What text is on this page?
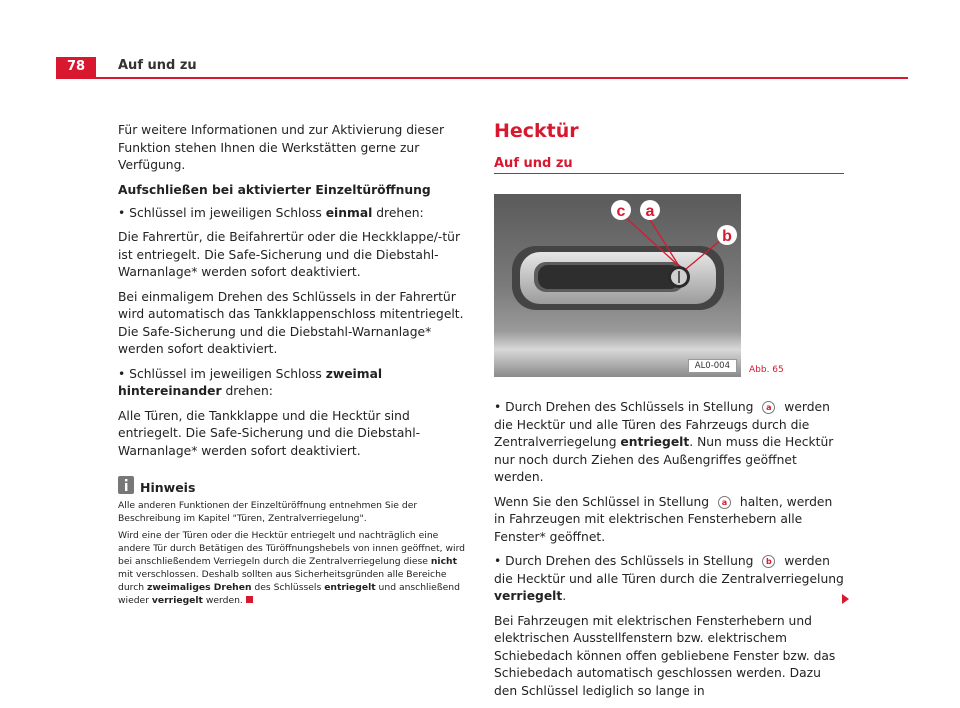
78	Auf und zu

Für weitere Informationen und zur Aktivierung dieser Funktion stehen Ihnen die Werkstätten gerne zur Verfügung.

Aufschließen bei aktivierter Einzeltüröffnung

• Schlüssel im jeweiligen Schloss einmal drehen:

Die Fahrertür, die Beifahrertür oder die Heckklappe/-tür ist entriegelt. Die Safe-Sicherung und die Diebstahl-Warnanlage* werden sofort deaktiviert.

Bei einmaligem Drehen des Schlüssels in der Fahrertür wird automatisch das Tankklappenschloss mitentriegelt. Die Safe-Sicherung und die Diebstahl-Warnanlage* werden sofort deaktiviert.

• Schlüssel im jeweiligen Schloss zweimal hintereinander drehen:

Alle Türen, die Tankklappe und die Hecktür sind entriegelt. Die Safe-Sicherung und die Diebstahl-Warnanlage* werden sofort deaktiviert.

Hinweis

Alle anderen Funktionen der Einzeltüröffnung entnehmen Sie der Beschreibung im Kapitel "Türen, Zentralverriegelung".

Wird eine der Türen oder die Hecktür entriegelt und nachträglich eine andere Tür durch Betätigen des Türöffnungshebels von innen geöffnet, wird bei anschließendem Verriegeln durch die Zentralverriegelung diese nicht mit verschlossen. Deshalb sollten aus Sicherheitsgründen alle Bereiche durch zweimaliges Drehen des Schlüssels entriegelt und anschließend wieder verriegelt werden.

Hecktür
Auf und zu
c a
b
AL0-004	Abb. 65

• Durch Drehen des Schlüssels in Stellung a werden die Hecktür und alle Türen des Fahrzeugs durch die Zentralverriegelung entriegelt. Nun muss die Hecktür nur noch durch Ziehen des Außengriffes geöffnet werden.

Wenn Sie den Schlüssel in Stellung a halten, werden in Fahrzeugen mit elektrischen Fensterhebern alle Fenster* geöffnet.

• Durch Drehen des Schlüssels in Stellung b werden die Hecktür und alle Türen durch die Zentralverriegelung verriegelt.

Bei Fahrzeugen mit elektrischen Fensterhebern und elektrischen Ausstellfenstern bzw. elektrischem Schiebedach können offen gebliebene Fenster bzw. das Schiebedach automatisch geschlossen werden. Dazu den Schlüssel lediglich so lange in
